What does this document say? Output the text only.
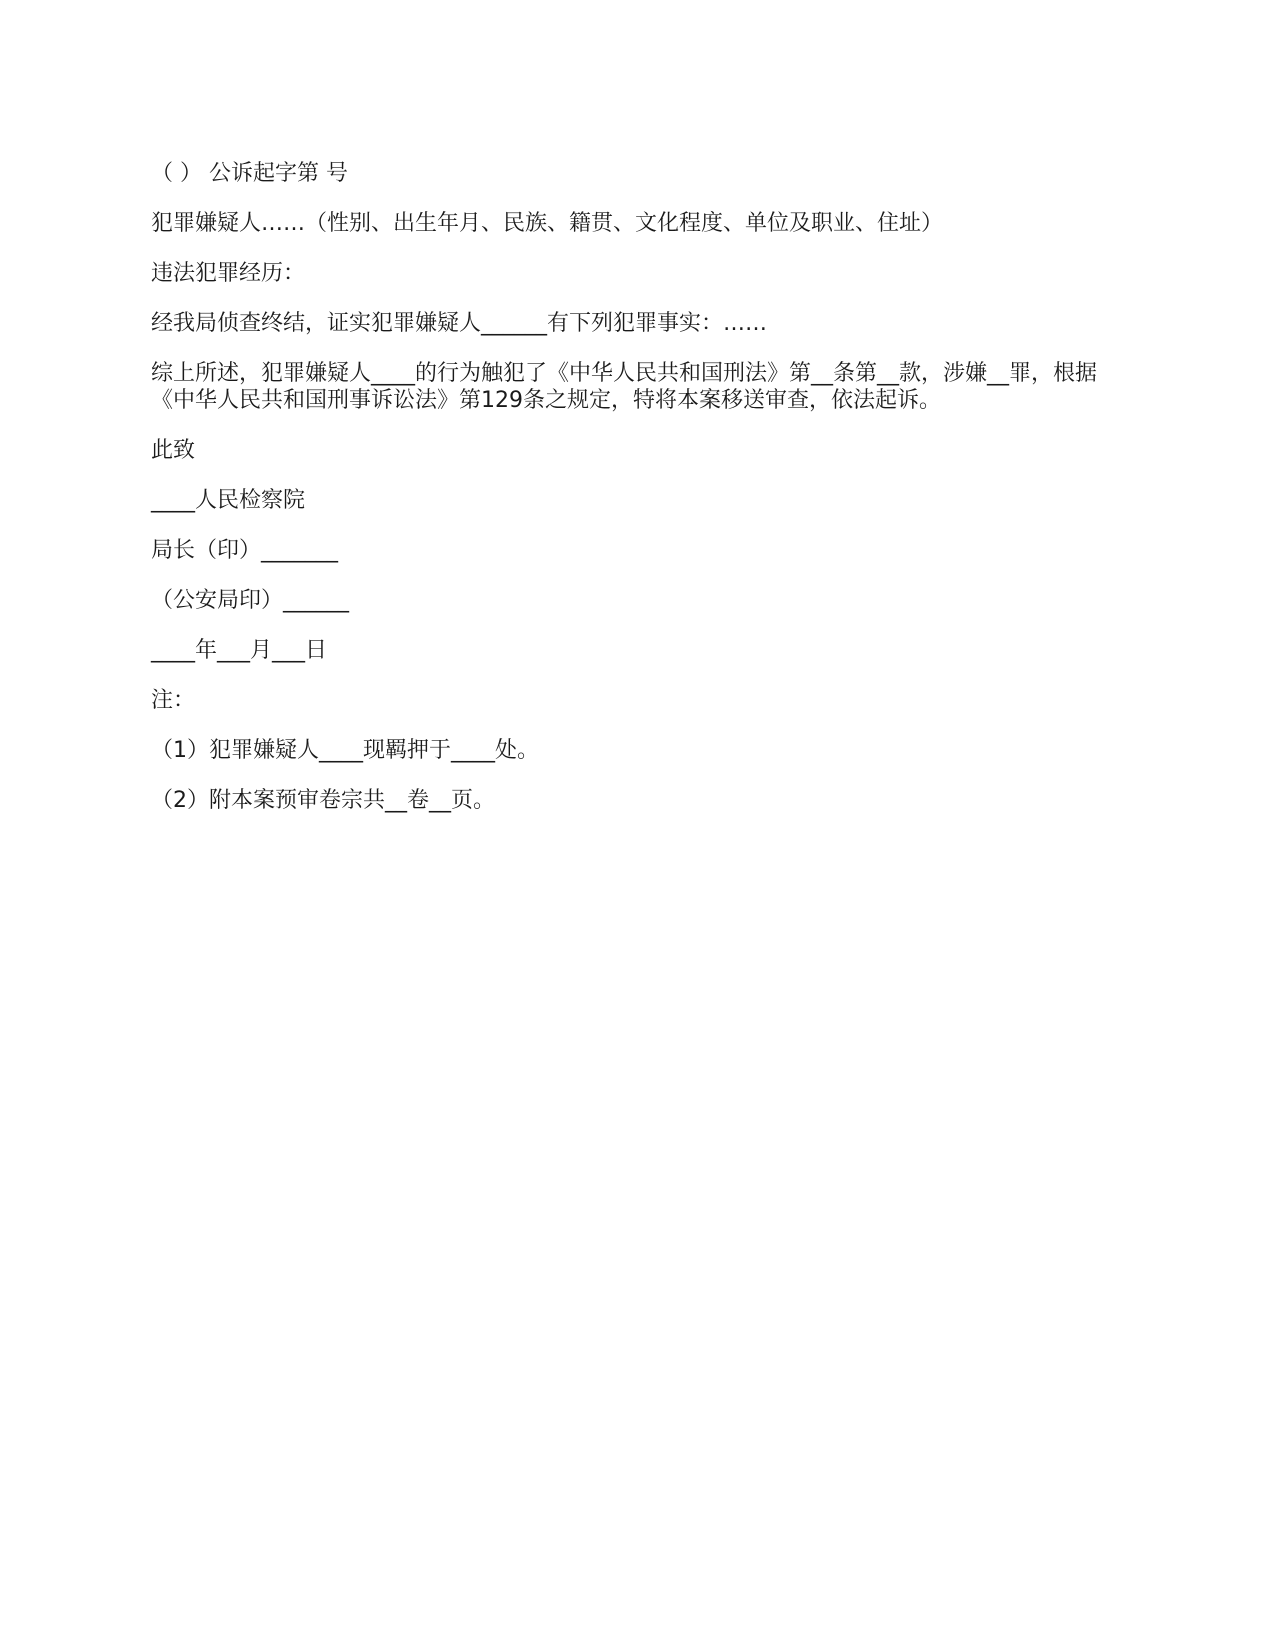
（ ） 公诉起字第 号

犯罪嫌疑人……（性别、出生年月、民族、籍贯、文化程度、单位及职业、住址）

违法犯罪经历：

经我局侦查终结，证实犯罪嫌疑人______有下列犯罪事实：……

综上所述，犯罪嫌疑人____的行为触犯了《中华人民共和国刑法》第__条第__款，涉嫌__罪，根据《中华人民共和国刑事诉讼法》第129条之规定，特将本案移送审查，依法起诉。

此致

____人民检察院

局长（印）_______

（公安局印）______

____年___月___日

注：

（1）犯罪嫌疑人____现羁押于____处。

（2）附本案预审卷宗共__卷__页。
